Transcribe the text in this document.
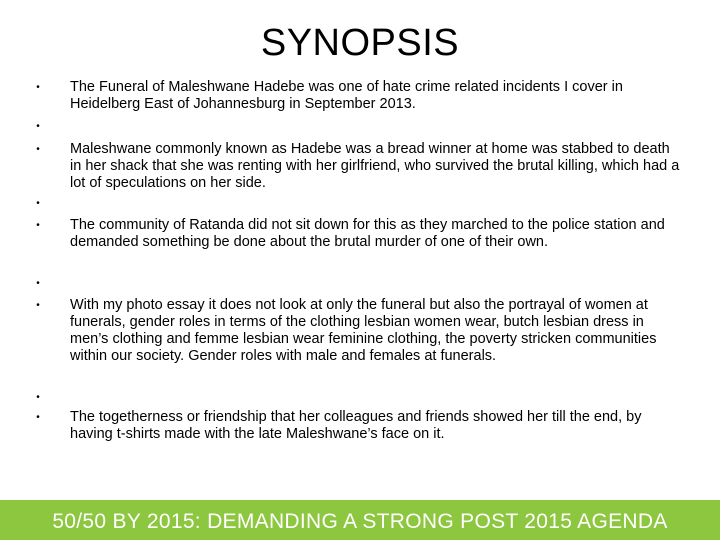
SYNOPSIS
• The Funeral of Maleshwane Hadebe was one of hate crime related incidents I cover in Heidelberg East of Johannesburg in September 2013.
•
• Maleshwane commonly known as Hadebe was a bread winner at home was stabbed to death in her shack that she was renting with her girlfriend, who survived the brutal killing, which had a lot of speculations on her side.
•
• The community of Ratanda did not sit down for this as they marched to the police station and demanded something be done about the brutal murder of one of their own.
•
• With my photo essay it does not look at only the funeral but also the portrayal of women at funerals, gender roles in terms of the clothing lesbian women wear, butch lesbian dress in men’s clothing and femme lesbian wear feminine clothing, the poverty stricken communities within our society. Gender roles with male and females at funerals.
•
• The togetherness or friendship that her colleagues and friends showed her till the end, by having t-shirts made with the late Maleshwane’s face on it.
50/50 BY 2015: DEMANDING A STRONG POST 2015 AGENDA
